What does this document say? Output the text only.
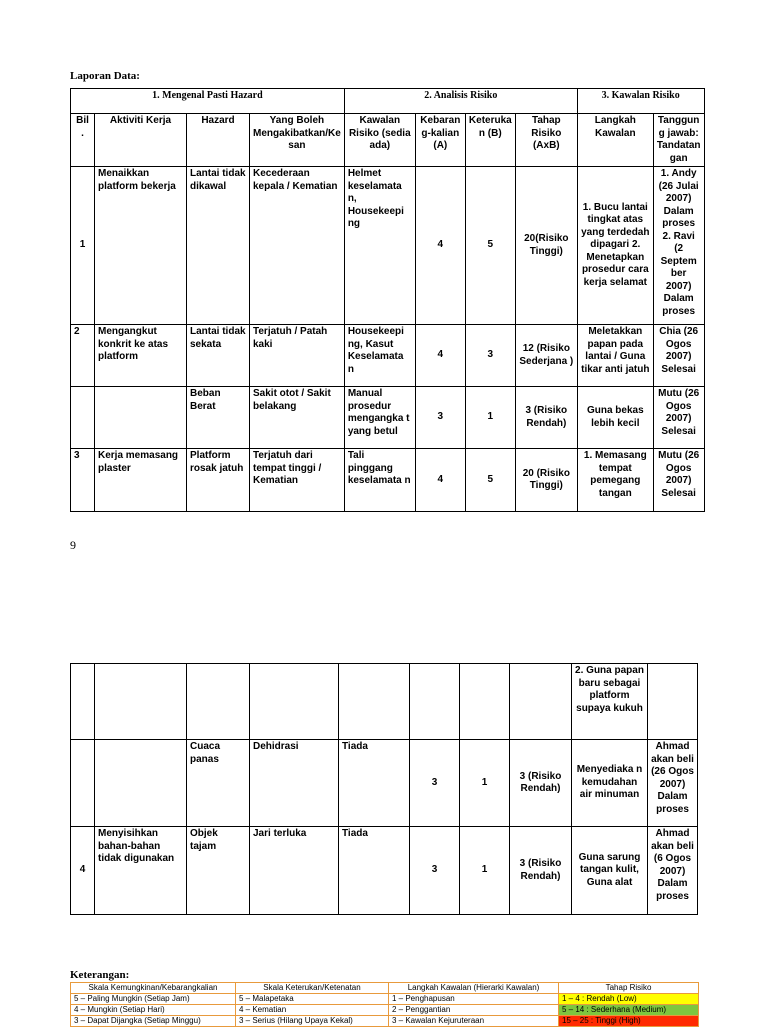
Laporan Data:
1. Mengenal Pasti Hazard				2. Analisis Risiko				3. Kawalan Risiko	
Bil .	Aktiviti Kerja	Hazard	Yang Boleh Mengakibatkan/Ke san	Kawalan Risiko (sedia ada)	Kebaran g-kalian (A)	Keteruka n (B)	Tahap Risiko (AxB)	Langkah Kawalan	Tanggun g jawab: Tandatan gan
1	Menaikkan platform bekerja	Lantai tidak dikawal	Kecederaan kepala / Kematian	Helmet keselamata n, Housekeepi ng	4	5	20(Risiko Tinggi)	1. Bucu lantai tingkat atas yang terdedah dipagari 2. Menetapkan prosedur cara kerja selamat	1. Andy (26 Julai 2007) Dalam proses 2. Ravi (2 Septem ber 2007) Dalam proses
2	Mengangkut konkrit ke atas platform	Lantai tidak sekata	Terjatuh / Patah kaki	Housekeepi ng, Kasut Keselamata n	4	3	12 (Risiko Sederjana )	Meletakkan papan pada lantai / Guna tikar anti jatuh	Chia (26 Ogos 2007) Selesai
		Beban Berat	Sakit otot / Sakit belakang	Manual prosedur mengangka t yang betul	3	1	3 (Risiko Rendah)	Guna bekas lebih kecil	Mutu (26 Ogos 2007) Selesai
3	Kerja memasang plaster	Platform rosak jatuh	Terjatuh dari tempat tinggi / Kematian	Tali pinggang keselamata n	4	5	20 (Risiko Tinggi)	1. Memasang tempat pemegang tangan	Mutu (26 Ogos 2007) Selesai
9
								2. Guna papan baru sebagai platform supaya kukuh	
		Cuaca panas	Dehidrasi	Tiada	3	1	3 (Risiko Rendah)	Menyediaka n kemudahan air minuman	Ahmad akan beli (26 Ogos 2007) Dalam proses
4	Menyisihkan bahan-bahan tidak digunakan	Objek tajam	Jari terluka	Tiada	3	1	3 (Risiko Rendah)	Guna sarung tangan kulit, Guna alat	Ahmad akan beli (6 Ogos 2007) Dalam proses
Keterangan:
Skala Kemungkinan/Kebarangkalian	Skala Keterukan/Ketenatan	Langkah Kawalan (Hierarki Kawalan)	Tahap Risiko
5 – Paling Mungkin (Setiap Jam)	5 – Malapetaka	1 – Penghapusan	1 – 4 : Rendah (Low)
4 – Mungkin (Setiap Hari)	4 – Kematian	2 – Penggantian	5 – 14 : Sederhana (Medium)
3 – Dapat Dijangka (Setiap Minggu)	3 – Serius (Hilang Upaya Kekal)	3 – Kawalan Kejuruteraan	15 – 25 : Tinggi (High)
